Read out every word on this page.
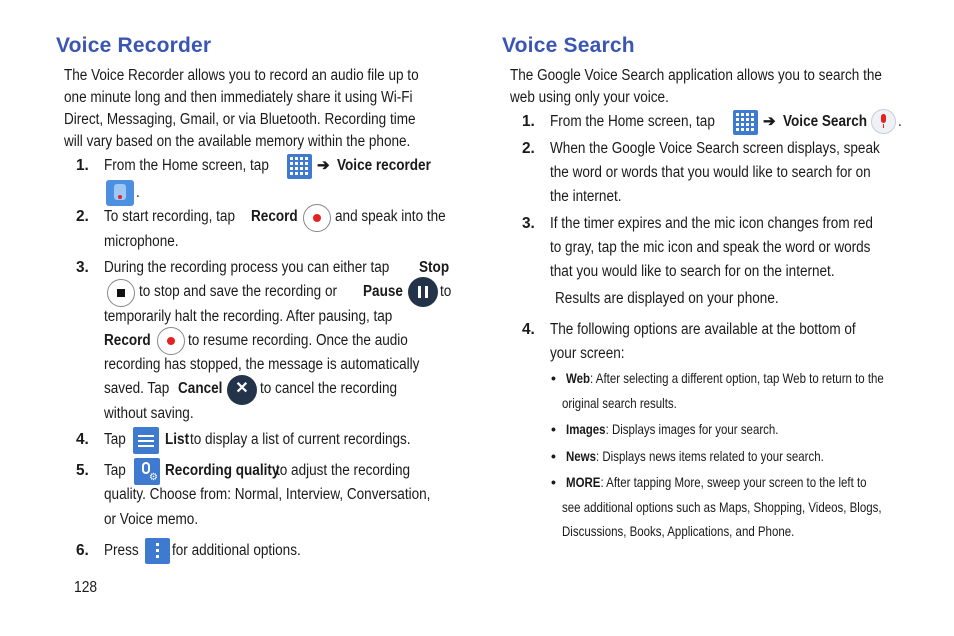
Voice Recorder
The Voice Recorder allows you to record an audio file up to
one minute long and then immediately share it using Wi-Fi
Direct, Messaging, Gmail, or via Bluetooth. Recording time
will vary based on the available memory within the phone.
1. From the Home screen, tap	➔ Voice recorder
.
2. To start recording, tap Record and speak into the
microphone.
3. During the recording process you can either tap Stop
to stop and save the recording or Pause to
temporarily halt the recording. After pausing, tap
Record to resume recording. Once the audio
recording has stopped, the message is automatically
saved. Tap Cancel ✕ to cancel the recording
without saving.
4. Tap	List to display a list of current recordings.
5. Tap ⚙ Recording quality
to adjust the recording
quality. Choose from: Normal, Interview, Conversation,
or Voice memo.
6. Press for additional options.
128
Voice Search
The Google Voice Search application allows you to search the
web using only your voice.
1. From the Home screen, tap	➔ Voice Search .
2. When the Google Voice Search screen displays, speak
the word or words that you would like to search for on
the internet.
3. If the timer expires and the mic icon changes from red
to gray, tap the mic icon and speak the word or words
that you would like to search for on the internet.
Results are displayed on your phone.
4. The following options are available at the bottom of
your screen:
• Web: After selecting a different option, tap Web to return to the
original search results.
• Images: Displays images for your search.
• News: Displays news items related to your search.
• MORE: After tapping More, sweep your screen to the left to
see additional options such as Maps, Shopping, Videos, Blogs,
Discussions, Books, Applications, and Phone.
